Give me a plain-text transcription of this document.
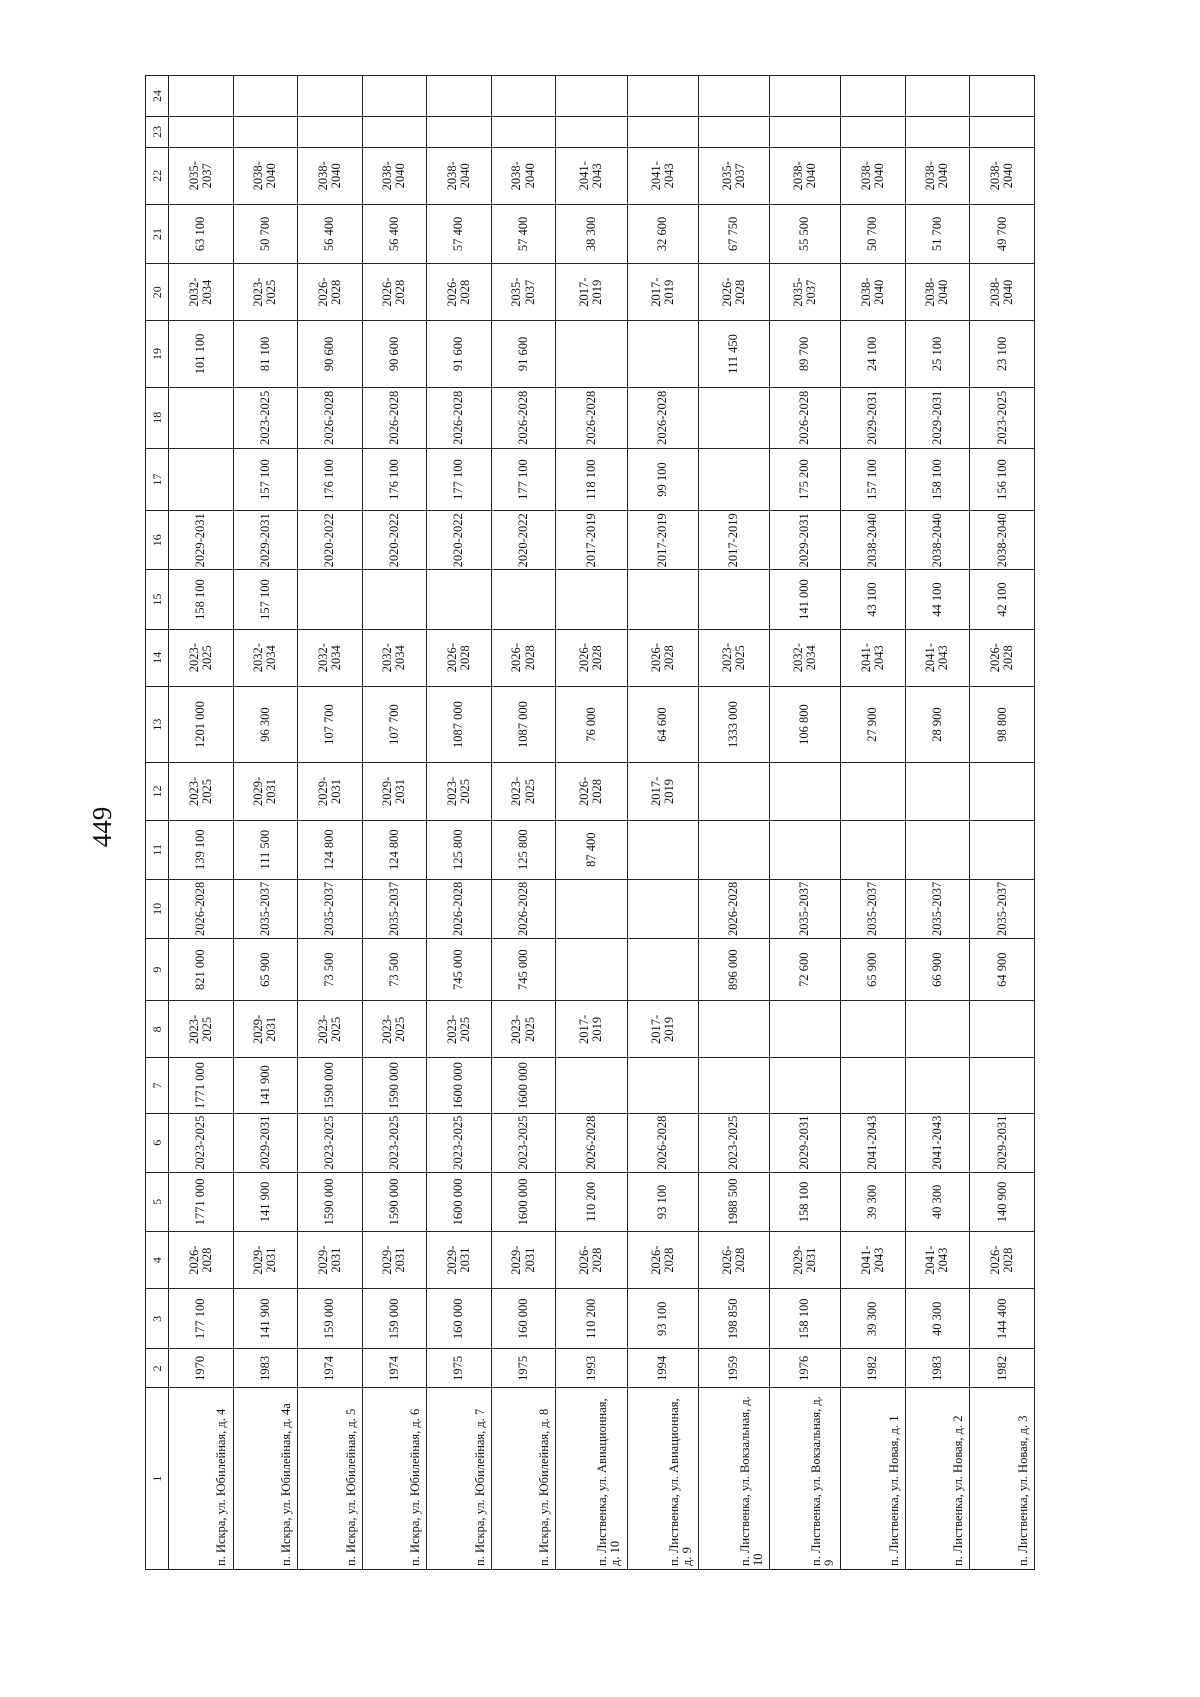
449
1	2	3	4	5	6	7	8	9	10	11	12	13	14	15	16	17	18	19	20	21	22	23	24
п. Искра, ул. Юбилейная, д. 4	1970	177 100	2026-2028	1771 000	2023-2025	1771 000	2023-2025	821 000	2026-2028	139 100	2023-2025	1201 000	2023-2025	158 100	2029-2031			101 100	2032-2034	63 100	2035-2037		
п. Искра, ул. Юбилейная, д. 4а	1983	141 900	2029-2031	141 900	2029-2031	141 900	2029-2031	65 900	2035-2037	111 500	2029-2031	96 300	2032-2034	157 100	2029-2031	157 100	2023-2025	81 100	2023-2025	50 700	2038-2040		
п. Искра, ул. Юбилейная, д. 5	1974	159 000	2029-2031	1590 000	2023-2025	1590 000	2023-2025	73 500	2035-2037	124 800	2029-2031	107 700	2032-2034		2020-2022	176 100	2026-2028	90 600	2026-2028	56 400	2038-2040		
п. Искра, ул. Юбилейная, д. 6	1974	159 000	2029-2031	1590 000	2023-2025	1590 000	2023-2025	73 500	2035-2037	124 800	2029-2031	107 700	2032-2034		2020-2022	176 100	2026-2028	90 600	2026-2028	56 400	2038-2040		
п. Искра, ул. Юбилейная, д. 7	1975	160 000	2029-2031	1600 000	2023-2025	1600 000	2023-2025	745 000	2026-2028	125 800	2023-2025	1087 000	2026-2028		2020-2022	177 100	2026-2028	91 600	2026-2028	57 400	2038-2040		
п. Искра, ул. Юбилейная, д. 8	1975	160 000	2029-2031	1600 000	2023-2025	1600 000	2023-2025	745 000	2026-2028	125 800	2023-2025	1087 000	2026-2028		2020-2022	177 100	2026-2028	91 600	2035-2037	57 400	2038-2040		
п. Лиственка, ул. Авиационная, д. 10	1993	110 200	2026-2028	110 200	2026-2028		2017-2019			87 400	2026-2028	76 000	2026-2028		2017-2019	118 100	2026-2028		2017-2019	38 300	2041-2043		
п. Лиственка, ул. Авиационная, д. 9	1994	93 100	2026-2028	93 100	2026-2028		2017-2019				2017-2019	64 600	2026-2028		2017-2019	99 100	2026-2028		2017-2019	32 600	2041-2043		
п. Лиственка, ул. Вокзальная, д. 10	1959	198 850	2026-2028	1988 500	2023-2025			896 000	2026-2028			1333 000	2023-2025		2017-2019			111 450	2026-2028	67 750	2035-2037		
п. Лиственка, ул. Вокзальная, д. 9	1976	158 100	2029-2031	158 100	2029-2031			72 600	2035-2037			106 800	2032-2034	141 000	2029-2031	175 200	2026-2028	89 700	2035-2037	55 500	2038-2040		
п. Лиственка, ул. Новая, д. 1	1982	39 300	2041-2043	39 300	2041-2043			65 900	2035-2037			27 900	2041-2043	43 100	2038-2040	157 100	2029-2031	24 100	2038-2040	50 700	2038-2040		
п. Лиственка, ул. Новая, д. 2	1983	40 300	2041-2043	40 300	2041-2043			66 900	2035-2037			28 900	2041-2043	44 100	2038-2040	158 100	2029-2031	25 100	2038-2040	51 700	2038-2040		
п. Лиственка, ул. Новая, д. 3	1982	144 400	2026-2028	140 900	2029-2031			64 900	2035-2037			98 800	2026-2028	42 100	2038-2040	156 100	2023-2025	23 100	2038-2040	49 700	2038-2040		
